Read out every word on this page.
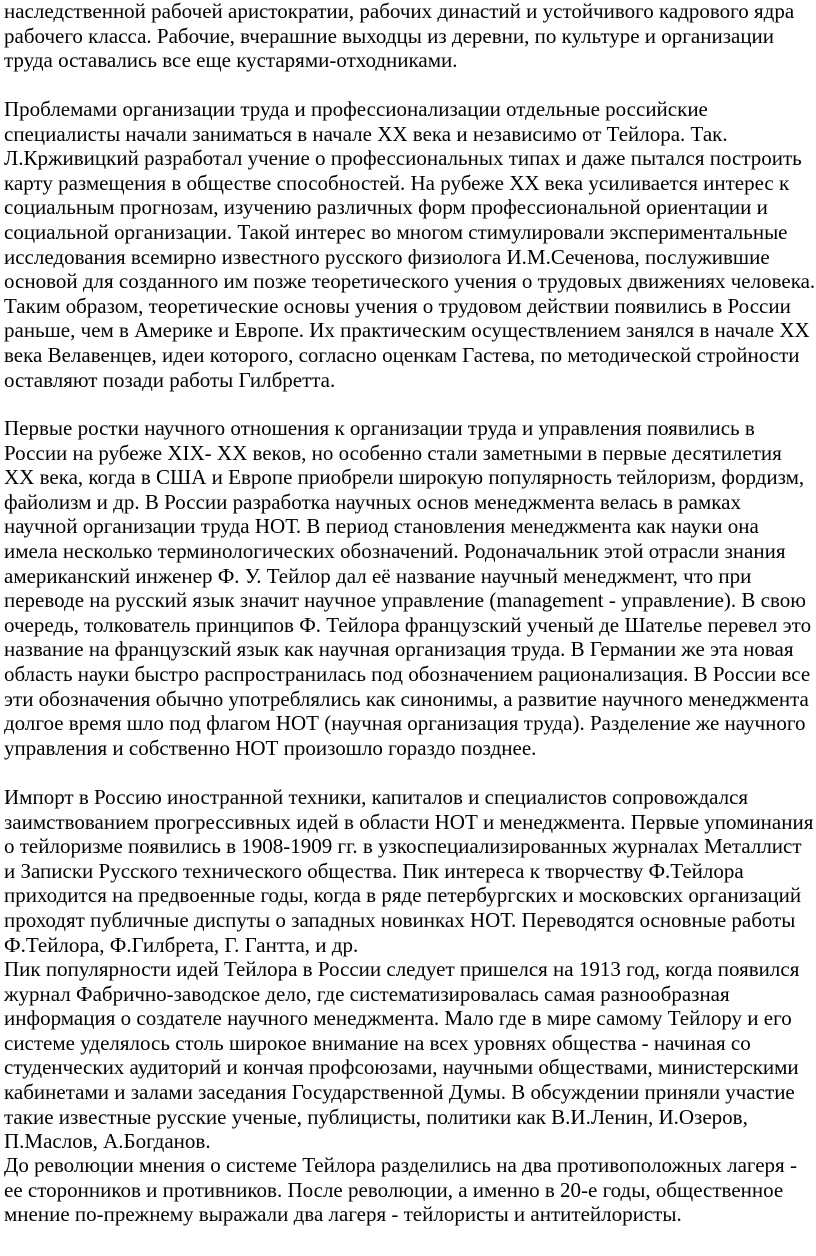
наследственной рабочей аристократии, рабочих династий и устойчивого кадрового ядра рабочего класса. Рабочие, вчерашние выходцы из деревни, по культуре и организации труда оставались все еще кустарями-отходниками.

Проблемами организации труда и профессионализации отдельные российские специалисты начали заниматься в начале XX века и независимо от Тейлора. Так. Л.Крживицкий разработал учение о профессиональных типах и даже пытался построить карту размещения в обществе способностей. На рубеже XX века усиливается интерес к социальным прогнозам, изучению различных форм профессиональной ориентации и социальной организации. Такой интерес во многом стимулировали экспериментальные исследования всемирно известного русского физиолога И.М.Сеченова, послужившие основой для созданного им позже теоретического учения о трудовых движениях человека. Таким образом, теоретические основы учения о трудовом действии появились в России раньше, чем в Америке и Европе. Их практическим осуществлением занялся в начале XX века Велавенцев, идеи которого, согласно оценкам Гастева, по методической стройности оставляют позади работы Гилбретта.

Первые ростки научного отношения к организации труда и управления появились в России на рубеже XIX- XX веков, но особенно стали заметными в первые десятилетия XX века, когда в США и Европе приобрели широкую популярность тейлоризм, фордизм, файолизм и др. В России разработка научных основ менеджмента велась в рамках научной организации труда НОТ. В период становления менеджмента как науки она имела несколько терминологических обозначений. Родоначальник этой отрасли знания американский инженер Ф. У. Тейлор дал её название научный менеджмент, что при переводе на русский язык значит научное управление (management - управление). В свою очередь, толкователь принципов Ф. Тейлора французский ученый де Шателье перевел это название на французский язык как научная организация труда. В Германии же эта новая область науки быстро распространилась под обозначением рационализация. В России все эти обозначения обычно употреблялись как синонимы, а развитие научного менеджмента долгое время шло под флагом НОТ (научная организация труда). Разделение же научного управления и собственно НОТ произошло гораздо позднее.

Импорт в Россию иностранной техники, капиталов и специалистов сопровождался заимствованием прогрессивных идей в области НОТ и менеджмента. Первые упоминания о тейлоризме появились в 1908-1909 гг. в узкоспециализированных журналах Металлист и Записки Русского технического общества. Пик интереса к творчеству Ф.Тейлора приходится на предвоенные годы, когда в ряде петербургских и московских организаций проходят публичные диспуты о западных новинках НОТ. Переводятся основные работы Ф.Тейлора, Ф.Гилбрета, Г. Гантта, и др.

Пик популярности идей Тейлора в России следует пришелся на 1913 год, когда появился журнал Фабрично-заводское дело, где систематизировалась самая разнообразная информация о создателе научного менеджмента. Мало где в мире самому Тейлору и его системе уделялось столь широкое внимание на всех уровнях общества - начиная со студенческих аудиторий и кончая профсоюзами, научными обществами, министерскими кабинетами и залами заседания Государственной Думы. В обсуждении приняли участие такие известные русские ученые, публицисты, политики как В.И.Ленин, И.Озеров, П.Маслов, А.Богданов.

До революции мнения о системе Тейлора разделились на два противоположных лагеря - ее сторонников и противников. После революции, а именно в 20-е годы, общественное мнение по-прежнему выражали два лагеря - тейлористы и антитейлористы.
